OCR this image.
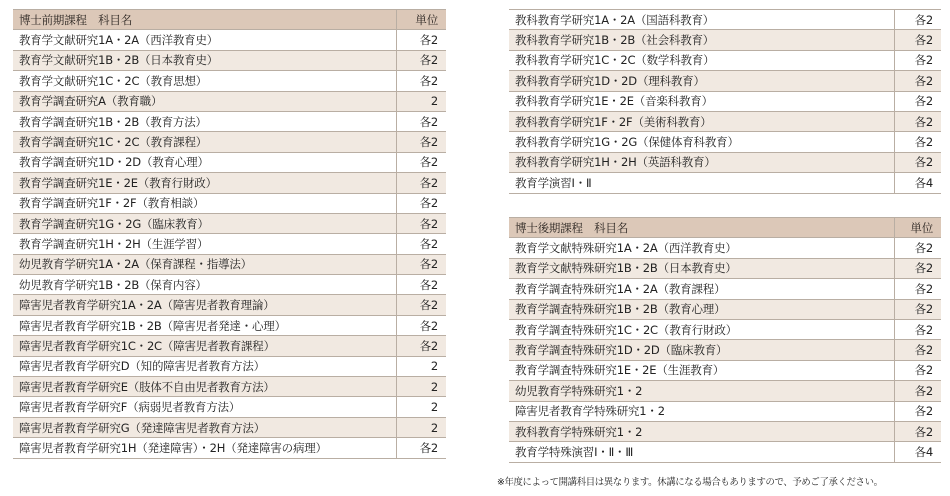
博士前期課程　科目名	単位
教育学文献研究1A・2A（西洋教育史）	各2
教育学文献研究1B・2B（日本教育史）	各2
教育学文献研究1C・2C（教育思想）	各2
教育学調査研究A（教育職）	2
教育学調査研究1B・2B（教育方法）	各2
教育学調査研究1C・2C（教育課程）	各2
教育学調査研究1D・2D（教育心理）	各2
教育学調査研究1E・2E（教育行財政）	各2
教育学調査研究1F・2F（教育相談）	各2
教育学調査研究1G・2G（臨床教育）	各2
教育学調査研究1H・2H（生涯学習）	各2
幼児教育学研究1A・2A（保育課程・指導法）	各2
幼児教育学研究1B・2B（保育内容）	各2
障害児者教育学研究1A・2A（障害児者教育理論）	各2
障害児者教育学研究1B・2B（障害児者発達・心理）	各2
障害児者教育学研究1C・2C（障害児者教育課程）	各2
障害児者教育学研究D（知的障害児者教育方法）	2
障害児者教育学研究E（肢体不自由児者教育方法）	2
障害児者教育学研究F（病弱児者教育方法）	2
障害児者教育学研究G（発達障害児者教育方法）	2
障害児者教育学研究1H（発達障害）・2H（発達障害の病理）	各2
教科教育学研究1A・2A（国語科教育）	各2
教科教育学研究1B・2B（社会科教育）	各2
教科教育学研究1C・2C（数学科教育）	各2
教科教育学研究1D・2D（理科教育）	各2
教科教育学研究1E・2E（音楽科教育）	各2
教科教育学研究1F・2F（美術科教育）	各2
教科教育学研究1G・2G（保健体育科教育）	各2
教科教育学研究1H・2H（英語科教育）	各2
教育学演習Ⅰ・Ⅱ	各4
博士後期課程　科目名	単位
教育学文献特殊研究1A・2A（西洋教育史）	各2
教育学文献特殊研究1B・2B（日本教育史）	各2
教育学調査特殊研究1A・2A（教育課程）	各2
教育学調査特殊研究1B・2B（教育心理）	各2
教育学調査特殊研究1C・2C（教育行財政）	各2
教育学調査特殊研究1D・2D（臨床教育）	各2
教育学調査特殊研究1E・2E（生涯教育）	各2
幼児教育学特殊研究1・2	各2
障害児者教育学特殊研究1・2	各2
教科教育学特殊研究1・2	各2
教育学特殊演習Ⅰ・Ⅱ・Ⅲ	各4
※年度によって開講科目は異なります。休講になる場合もありますので、予めご了承ください。
